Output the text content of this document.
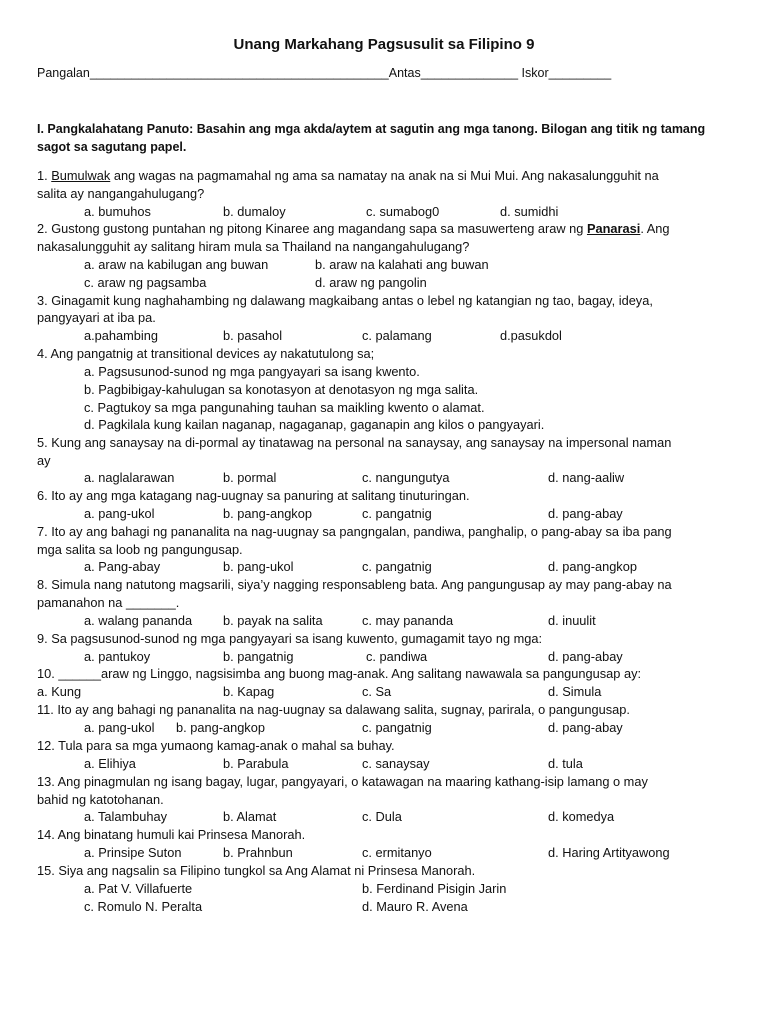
Unang Markahang Pagsusulit sa Filipino 9
Pangalan___________________________________________Antas______________ Iskor_________
I. Pangkalahatang Panuto: Basahin ang mga akda/aytem at sagutin ang mga tanong. Bilogan ang titik ng tamang sagot sa sagutang papel.
1. Bumulwak ang wagas na pagmamahal ng ama sa namatay na anak na si Mui Mui. Ang nakasalungguhit na
salita ay nangangahulugang?
a. bumuhos	b. dumaloy	c. sumabog0	d. sumidhi
2. Gustong gustong puntahan ng pitong Kinaree ang magandang sapa sa masuwerteng araw ng Panarasi. Ang
nakasalungguhit ay salitang hiram mula sa Thailand na nangangahulugang?
a. araw na kabilugan ang buwan	b. araw na kalahati ang buwan
c. araw ng pagsamba	d. araw ng pangolin
3. Ginagamit kung naghahambing ng dalawang magkaibang antas o lebel ng katangian ng tao, bagay, ideya,
pangyayari at iba pa.
a.pahambing	b. pasahol	c. palamang	d.pasukdol
4. Ang pangatnig at transitional devices ay nakatutulong sa;
a. Pagsusunod-sunod ng mga pangyayari sa isang kwento.
b. Pagbibigay-kahulugan sa konotasyon at denotasyon ng mga salita.
c. Pagtukoy sa mga pangunahing tauhan sa maikling kwento o alamat.
d. Pagkilala kung kailan naganap, nagaganap, gaganapin ang kilos o pangyayari.
5. Kung ang sanaysay na di-pormal ay tinatawag na personal na sanaysay, ang sanaysay na impersonal naman
ay
a. naglalarawan	b. pormal	c. nangungutya	d. nang-aaliw
6. Ito ay ang mga katagang nag-uugnay sa panuring at salitang tinuturingan.
a. pang-ukol	b. pang-angkop	c. pangatnig	d. pang-abay
7. Ito ay ang bahagi ng pananalita na nag-uugnay sa pangngalan, pandiwa, panghalip, o pang-abay sa iba pang
mga salita sa loob ng pangungusap.
a. Pang-abay	b. pang-ukol	c. pangatnig	d. pang-angkop
8. Simula nang natutong magsarili, siya’y nagging responsableng bata. Ang pangungusap ay may pang-abay na
pamanahon na _______.
a. walang pananda b. payak na salita	c. may pananda	d. inuulit
9. Sa pagsusunod-sunod ng mga pangyayari sa isang kuwento, gumagamit tayo ng mga:
a. pantukoy	b. pangatnig	c. pandiwa	d. pang-abay
10. ______araw ng Linggo, nagsisimba ang buong mag-anak. Ang salitang nawawala sa pangungusap ay:
a. Kung	b. Kapag	c. Sa	d. Simula
11. Ito ay ang bahagi ng pananalita na nag-uugnay sa dalawang salita, sugnay, parirala, o pangungusap.
a. pang-ukol b. pang-angkop	c. pangatnig	d. pang-abay
12. Tula para sa mga yumaong kamag-anak o mahal sa buhay.
a. Elihiya	b. Parabula	c. sanaysay	d. tula
13. Ang pinagmulan ng isang bagay, lugar, pangyayari, o katawagan na maaring kathang-isip lamang o may
bahid ng katotohanan.
a. Talambuhay	b. Alamat	c. Dula	d. komedya
14. Ang binatang humuli kai Prinsesa Manorah.
a. Prinsipe Suton	b. Prahnbun	c. ermitanyo	d. Haring Artityawong
15. Siya ang nagsalin sa Filipino tungkol sa Ang Alamat ni Prinsesa Manorah.
a. Pat V. Villafuerte	b. Ferdinand Pisigin Jarin
c. Romulo N. Peralta	d. Mauro R. Avena
